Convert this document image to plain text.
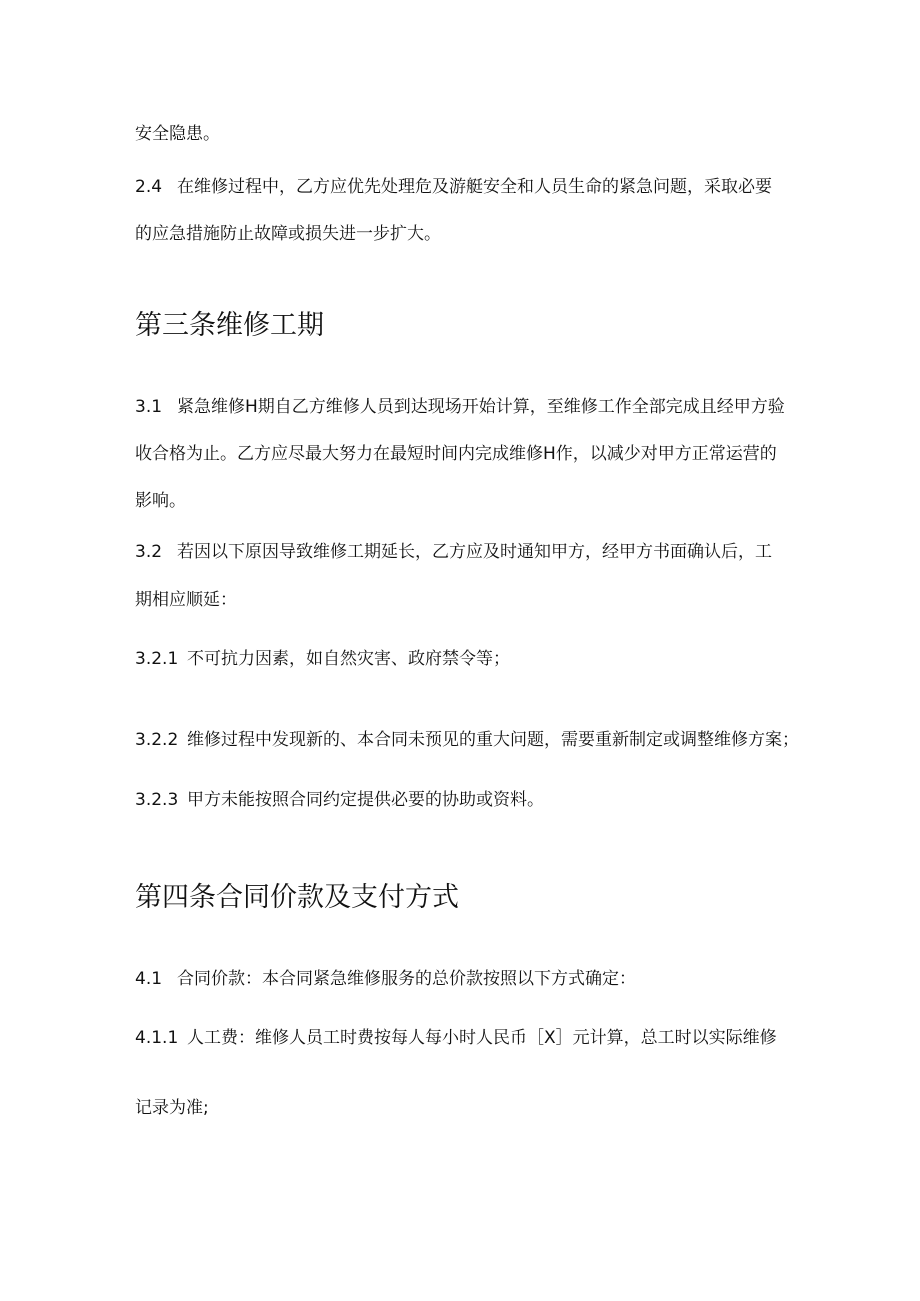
安全隐患。
2.4 在维修过程中，乙方应优先处理危及游艇安全和人员生命的紧急问题，采取必要
的应急措施防止故障或损失进一步扩大。
第三条维修工期
3.1 紧急维修H期自乙方维修人员到达现场开始计算，至维修工作全部完成且经甲方验
收合格为止。乙方应尽最大努力在最短时间内完成维修H作，以减少对甲方正常运营的
影响。
3.2 若因以下原因导致维修工期延长，乙方应及时通知甲方，经甲方书面确认后，工
期相应顺延：
3.2.1 不可抗力因素，如自然灾害、政府禁令等；
3.2.2 维修过程中发现新的、本合同未预见的重大问题，需要重新制定或调整维修方案；
3.2.3 甲方未能按照合同约定提供必要的协助或资料。
第四条合同价款及支付方式
4.1 合同价款：本合同紧急维修服务的总价款按照以下方式确定：
4.1.1 人工费：维修人员工时费按每人每小时人民币［X］元计算，总工时以实际维修
记录为准;
